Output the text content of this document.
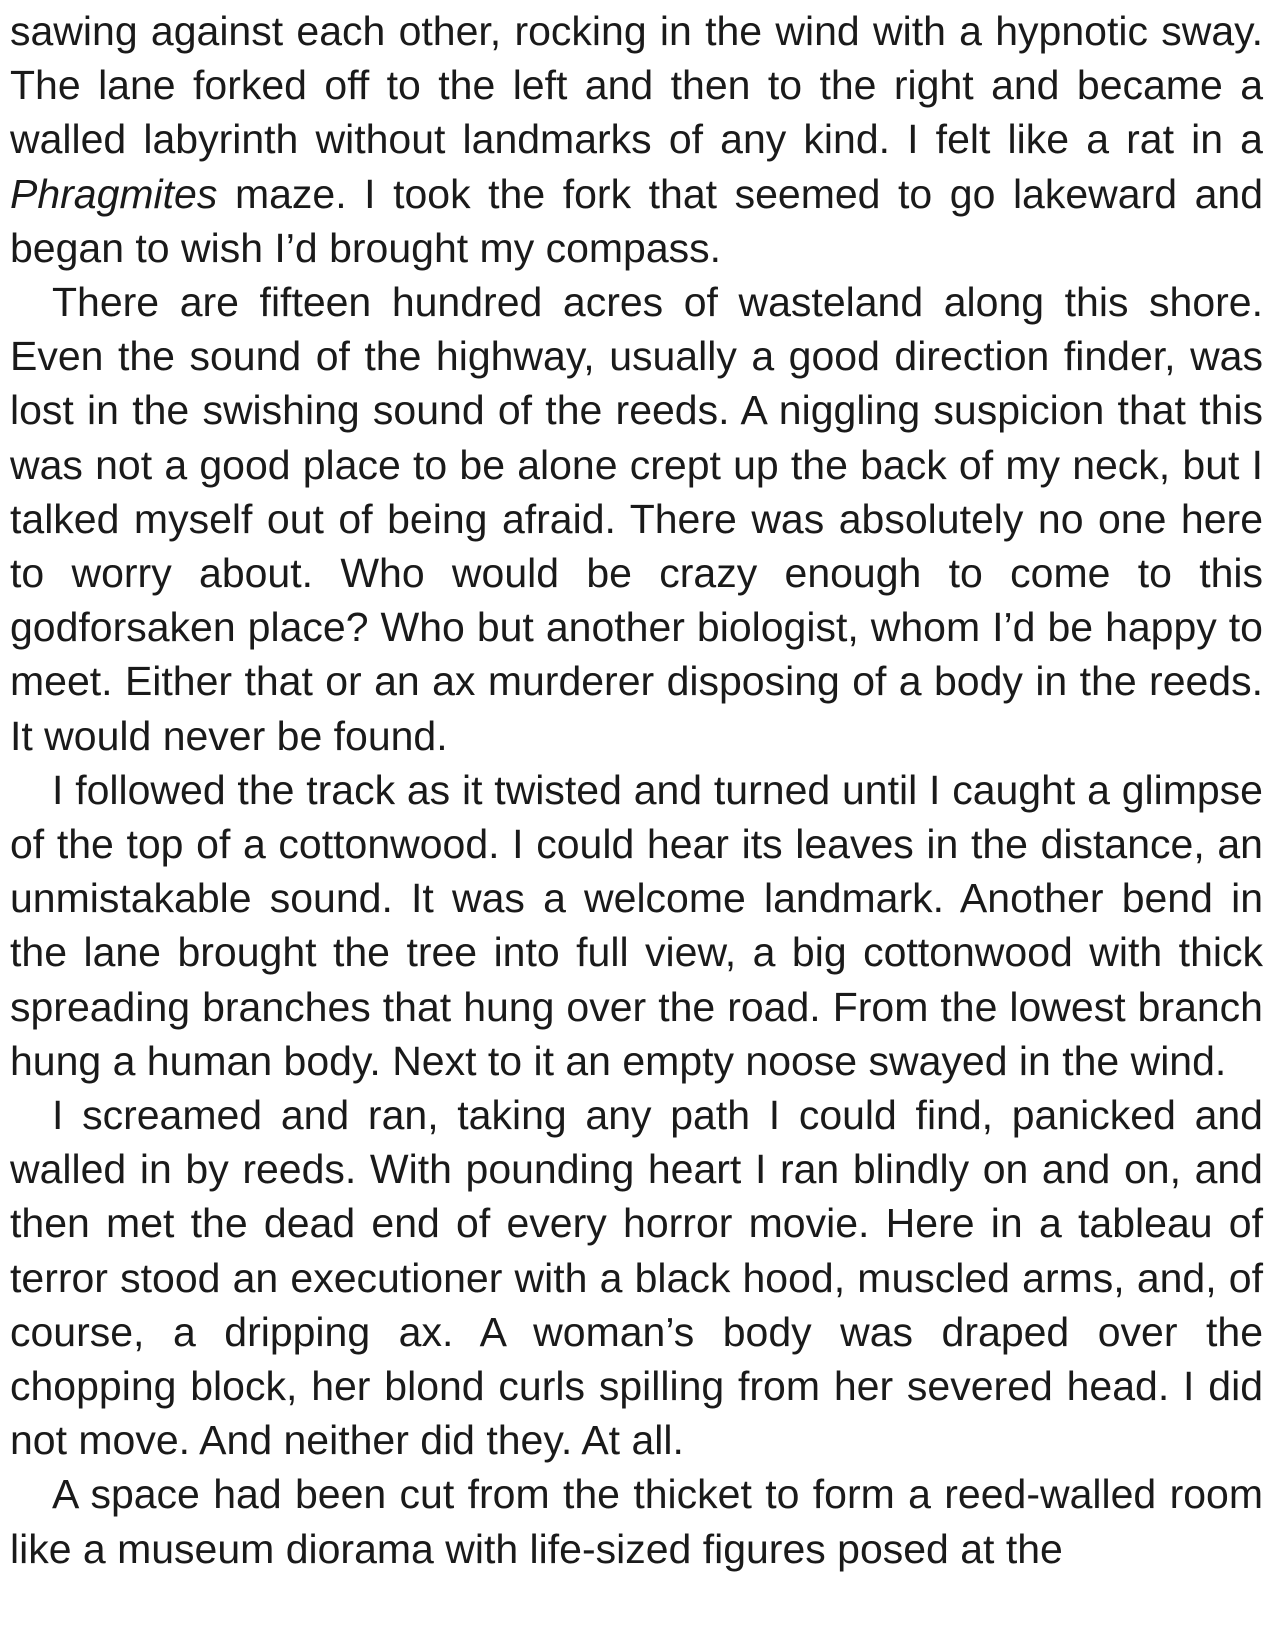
sawing against each other, rocking in the wind with a hypnotic sway. The lane forked off to the left and then to the right and became a walled labyrinth without landmarks of any kind. I felt like a rat in a Phragmites maze. I took the fork that seemed to go lakeward and began to wish I’d brought my compass.

There are fifteen hundred acres of wasteland along this shore. Even the sound of the highway, usually a good direction finder, was lost in the swishing sound of the reeds. A niggling suspicion that this was not a good place to be alone crept up the back of my neck, but I talked myself out of being afraid. There was absolutely no one here to worry about. Who would be crazy enough to come to this godforsaken place? Who but another biologist, whom I’d be happy to meet. Either that or an ax murderer disposing of a body in the reeds. It would never be found.

I followed the track as it twisted and turned until I caught a glimpse of the top of a cottonwood. I could hear its leaves in the distance, an unmistakable sound. It was a welcome landmark. Another bend in the lane brought the tree into full view, a big cottonwood with thick spreading branches that hung over the road. From the lowest branch hung a human body. Next to it an empty noose swayed in the wind.

I screamed and ran, taking any path I could find, panicked and walled in by reeds. With pounding heart I ran blindly on and on, and then met the dead end of every horror movie. Here in a tableau of terror stood an executioner with a black hood, muscled arms, and, of course, a dripping ax. A woman’s body was draped over the chopping block, her blond curls spilling from her severed head. I did not move. And neither did they. At all.

A space had been cut from the thicket to form a reed-walled room like a museum diorama with life-sized figures posed at the
